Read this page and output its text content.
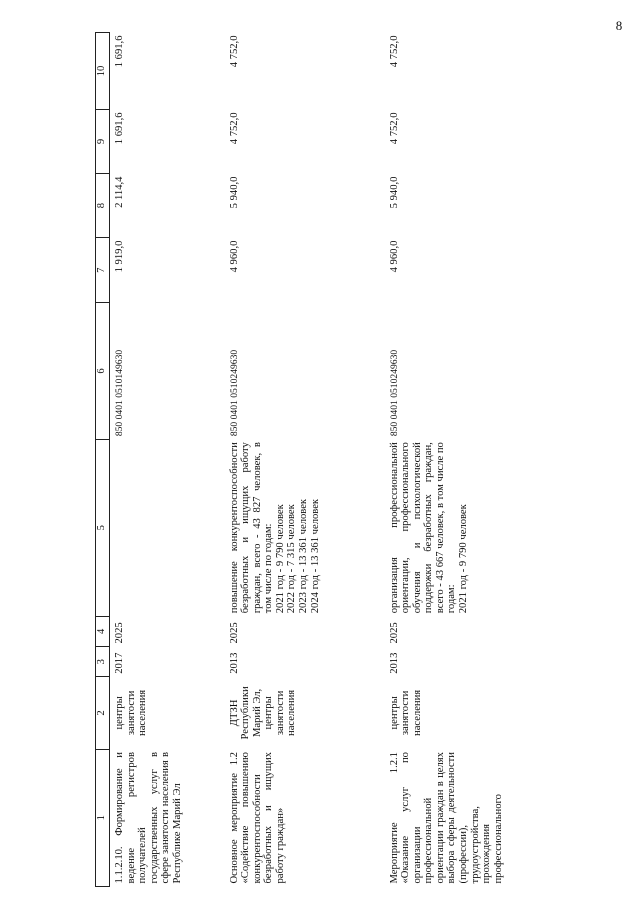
8
1	2	3	4	5	6	7	8	9	10
1.1.2.10. Формирование и ведение регистров получателей государственных услуг в сфере занятости населения в Республике Марий Эл	центры занятости населения	2017	2025		850 0401 0510149630	1 919,0	2 114,4	1 691,6	1 691,6
Основное мероприятие 1.2 «Содействие повышению конкурентоспособности безработных и ищущих работу граждан»	ДТЗН Республики Марий Эл, центры занятости населения	2013	2025	повышение конкурентоспособности безработных и ищущих работу граждан, всего - 43 827 человек, в том числе по годам: 2021 год - 9 790 человек 2022 год - 7 315 человек 2023 год - 13 361 человек 2024 год - 13 361 человек	850 0401 0510249630	4 960,0	5 940,0	4 752,0	4 752,0
Мероприятие 1.2.1 «Оказание услуг по организации профессиональной ориентации граждан в целях выбора сферы деятельности (профессии), трудоустройства, прохождения профессионального	центры занятости населения	2013	2025	организация профессиональной ориентации, профессионального обучения и психологической поддержки безработных граждан, всего - 43 667 человек, в том числе по годам: 2021 год - 9 790 человек	850 0401 0510249630	4 960,0	5 940,0	4 752,0	4 752,0
